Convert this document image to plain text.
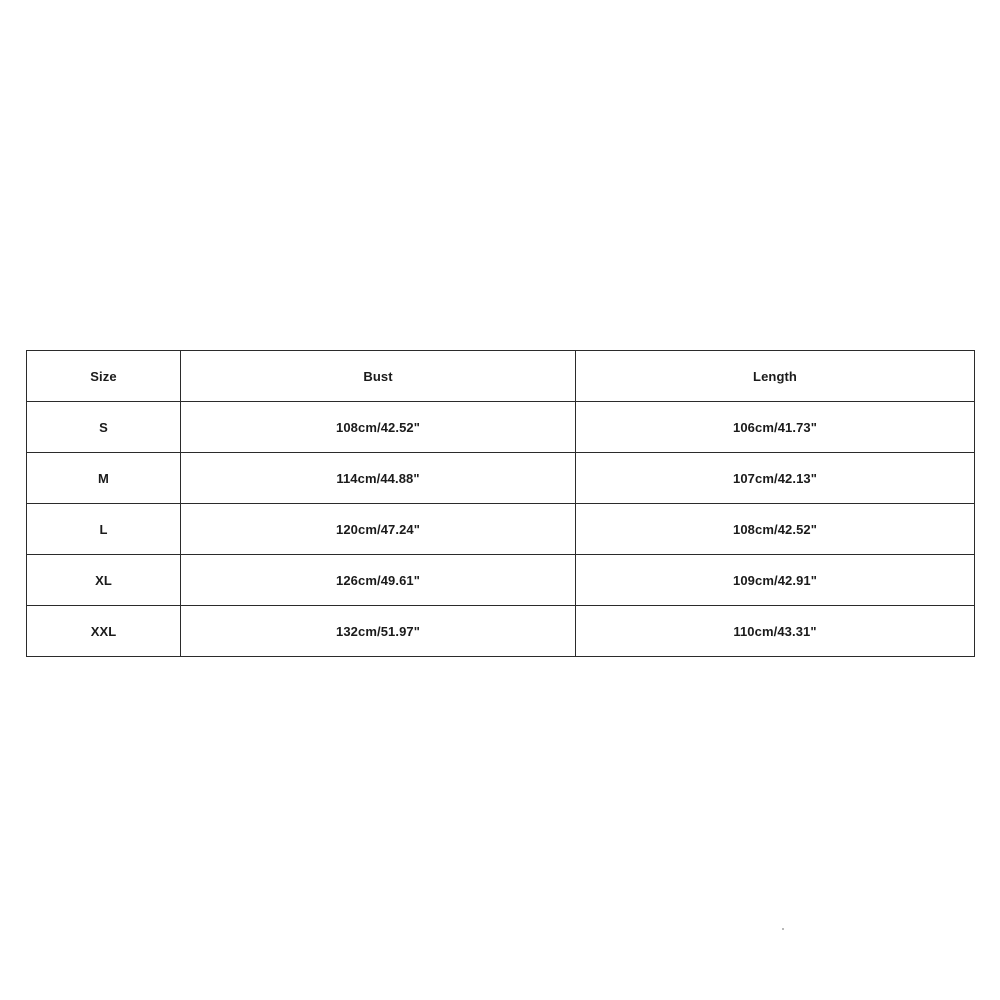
Size	Bust	Length
S	108cm/42.52"	106cm/41.73"
M	114cm/44.88"	107cm/42.13"
L	120cm/47.24"	108cm/42.52"
XL	126cm/49.61"	109cm/42.91"
XXL	132cm/51.97"	110cm/43.31"
